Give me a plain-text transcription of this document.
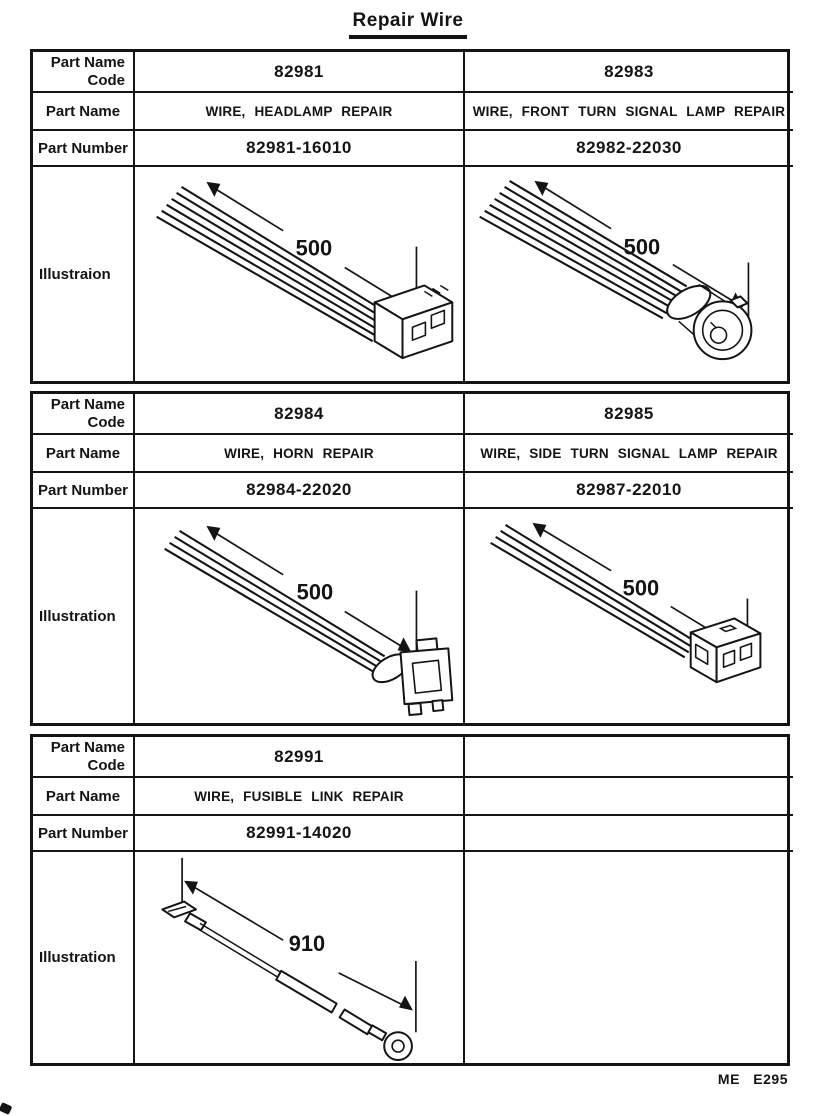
Repair Wire
Part Name
Code	82981	82983
Part Name	WIRE, HEADLAMP REPAIR	WIRE, FRONT TURN SIGNAL LAMP REPAIR
Part Number	82981-16010	82982-22030
Illustraion
500	500
Part Name
Code	82984	82985
Part Name	WIRE, HORN REPAIR	WIRE, SIDE TURN SIGNAL LAMP REPAIR
Part Number	82984-22020	82987-22010
Illustration
500	500
Part Name
Code	82991
Part Name	WIRE, FUSIBLE LINK REPAIR
Part Number	82991-14020
Illustration
910
ME E295
